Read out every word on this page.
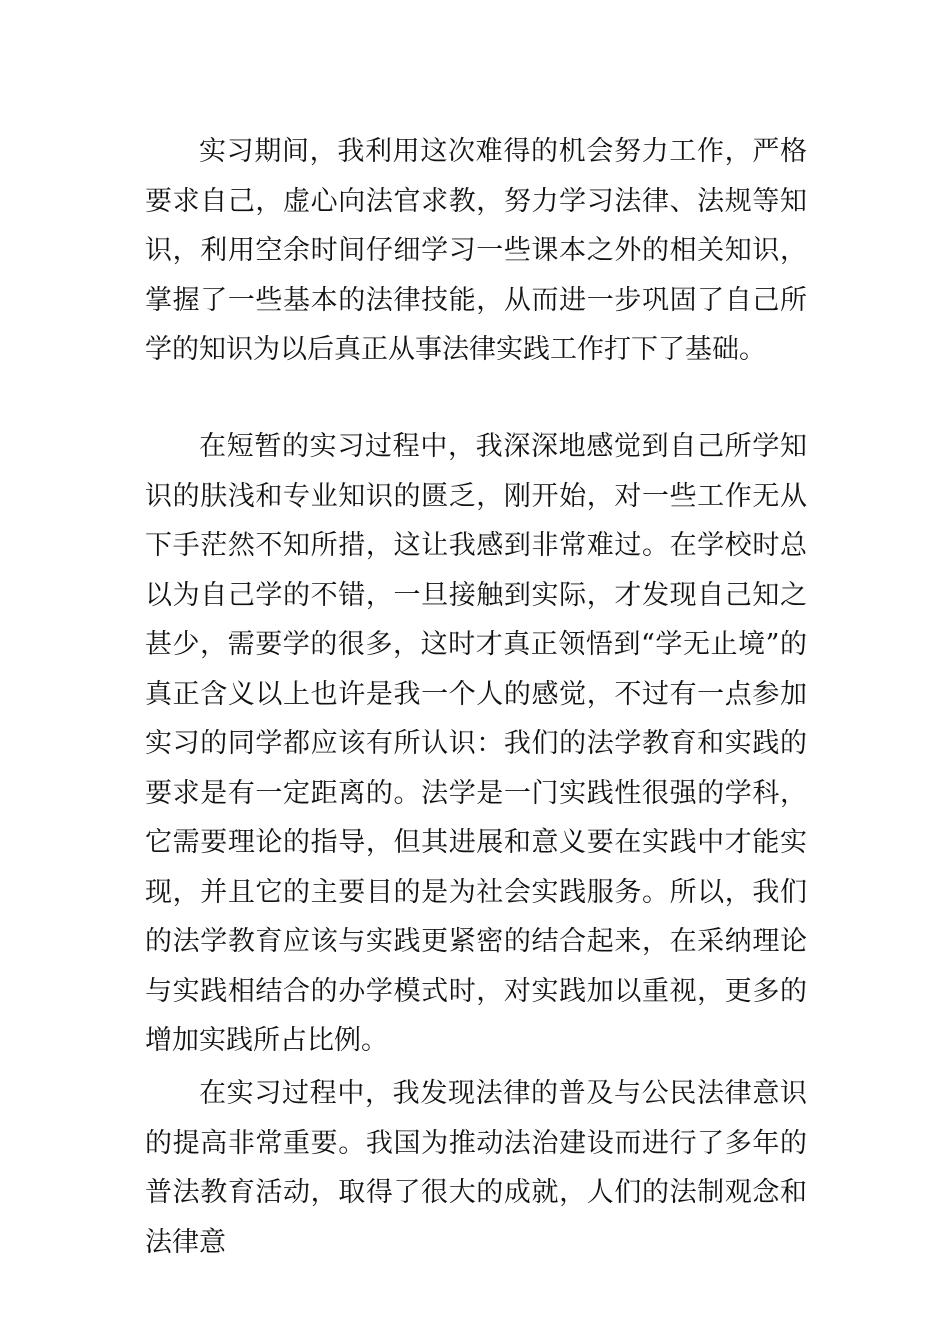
实习期间，我利用这次难得的机会努力工作，严格要求自己，虚心向法官求教，努力学习法律、法规等知识，利用空余时间仔细学习一些课本之外的相关知识，掌握了一些基本的法律技能，从而进一步巩固了自己所学的知识为以后真正从事法律实践工作打下了基础。

在短暂的实习过程中，我深深地感觉到自己所学知识的肤浅和专业知识的匮乏，刚开始，对一些工作无从下手茫然不知所措，这让我感到非常难过。在学校时总以为自己学的不错，一旦接触到实际，才发现自己知之甚少，需要学的很多，这时才真正领悟到“学无止境”的真正含义以上也许是我一个人的感觉，不过有一点参加实习的同学都应该有所认识：我们的法学教育和实践的要求是有一定距离的。法学是一门实践性很强的学科，它需要理论的指导，但其进展和意义要在实践中才能实现，并且它的主要目的是为社会实践服务。所以，我们的法学教育应该与实践更紧密的结合起来，在采纳理论与实践相结合的办学模式时，对实践加以重视，更多的增加实践所占比例。

在实习过程中，我发现法律的普及与公民法律意识的提高非常重要。我国为推动法治建设而进行了多年的普法教育活动，取得了很大的成就，人们的法制观念和法律意
